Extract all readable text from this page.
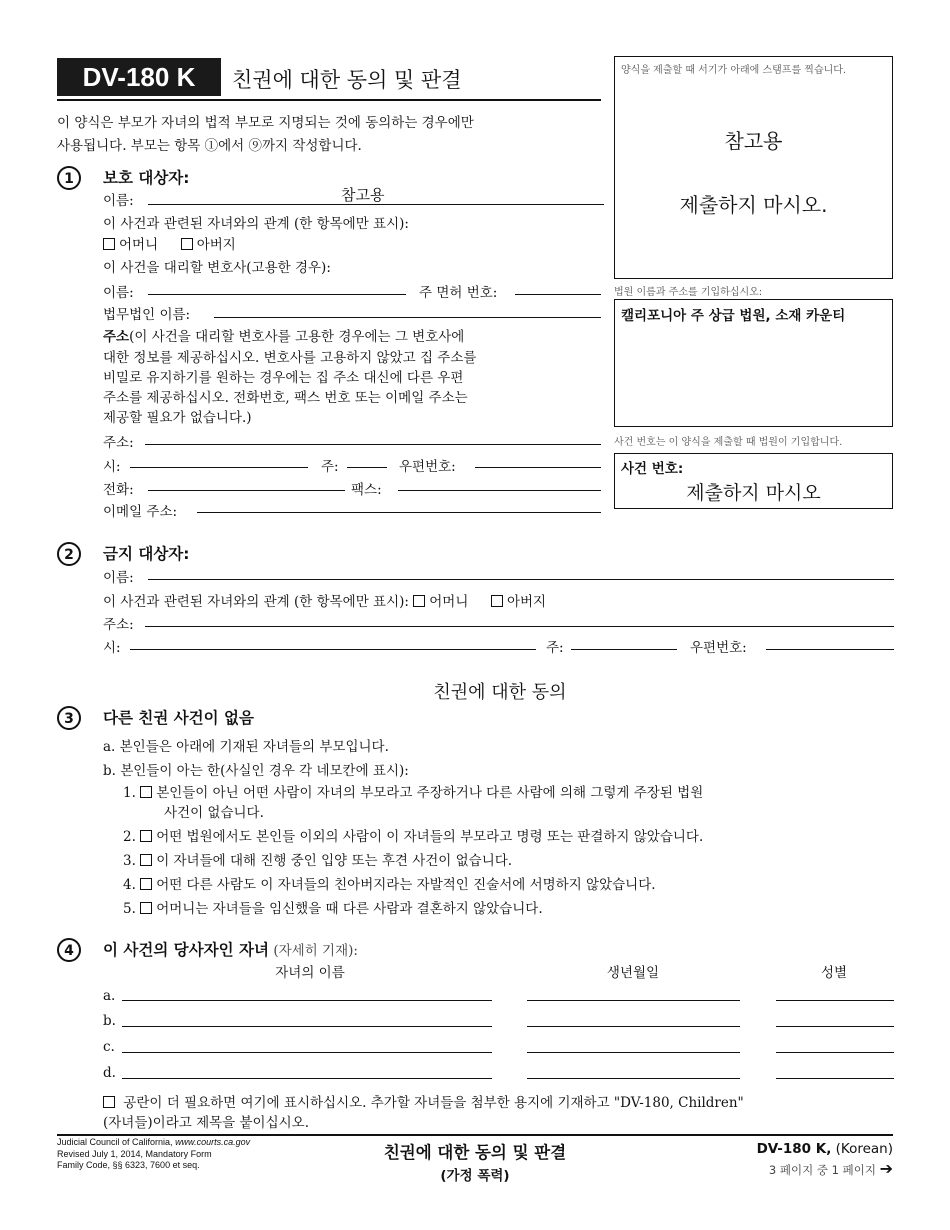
DV-180 K	친권에 대한 동의 및 판결
이 양식은 부모가 자녀의 법적 부모로 지명되는 것에 동의하는 경우에만
사용됩니다. 부모는 항목 ①에서 ⑨까지 작성합니다.
양식을 제출할 때 서기가 아래에 스탬프를 찍습니다.
참고용
제출하지 마시오.
법원 이름과 주소를 기입하십시오:
캘리포니아 주 상급 법원, 소재 카운티
사건 번호는 이 양식을 제출할 때 법원이 기입합니다.
사건 번호:
제출하지 마시오
1	보호 대상자:
이름:	참고용
이 사건과 관련된 자녀와의 관계 (한 항목에만 표시):
어머니	아버지
이 사건을 대리할 변호사(고용한 경우):
이름:	주 면허 번호:
법무법인 이름:
주소(이 사건을 대리할 변호사를 고용한 경우에는 그 변호사에
대한 정보를 제공하십시오. 변호사를 고용하지 않았고 집 주소를
비밀로 유지하기를 원하는 경우에는 집 주소 대신에 다른 우편
주소를 제공하십시오. 전화번호, 팩스 번호 또는 이메일 주소는
제공할 필요가 없습니다.)
주소:
시:	주:	우편번호:
전화:	팩스:
이메일 주소:
2	금지 대상자:
이름:
이 사건과 관련된 자녀와의 관계 (한 항목에만 표시): 어머니	아버지
주소:
시:	주:	우편번호:
친권에 대한 동의
3	다른 친권 사건이 없음
a. 본인들은 아래에 기재된 자녀들의 부모입니다.
b. 본인들이 아는 한(사실인 경우 각 네모칸에 표시):
1. 본인들이 아닌 어떤 사람이 자녀의 부모라고 주장하거나 다른 사람에 의해 그렇게 주장된 법원
사건이 없습니다.
2. 어떤 법원에서도 본인들 이외의 사람이 이 자녀들의 부모라고 명령 또는 판결하지 않았습니다.
3. 이 자녀들에 대해 진행 중인 입양 또는 후견 사건이 없습니다.
4. 어떤 다른 사람도 이 자녀들의 친아버지라는 자발적인 진술서에 서명하지 않았습니다.
5. 어머니는 자녀들을 임신했을 때 다른 사람과 결혼하지 않았습니다.
4	이 사건의 당사자인 자녀 (자세히 기재):
자녀의 이름	생년월일	성별
a.
b.
c.
d.
공란이 더 필요하면 여기에 표시하십시오. 추가할 자녀들을 첨부한 용지에 기재하고 "DV-180, Children"
(자녀들)이라고 제목을 붙이십시오.
Judicial Council of California, www.courts.ca.gov
Revised July 1, 2014, Mandatory Form
Family Code, §§ 6323, 7600 et seq.
친권에 대한 동의 및 판결
(가정 폭력)
DV-180 K, (Korean)
3 페이지 중 1 페이지 ➔
